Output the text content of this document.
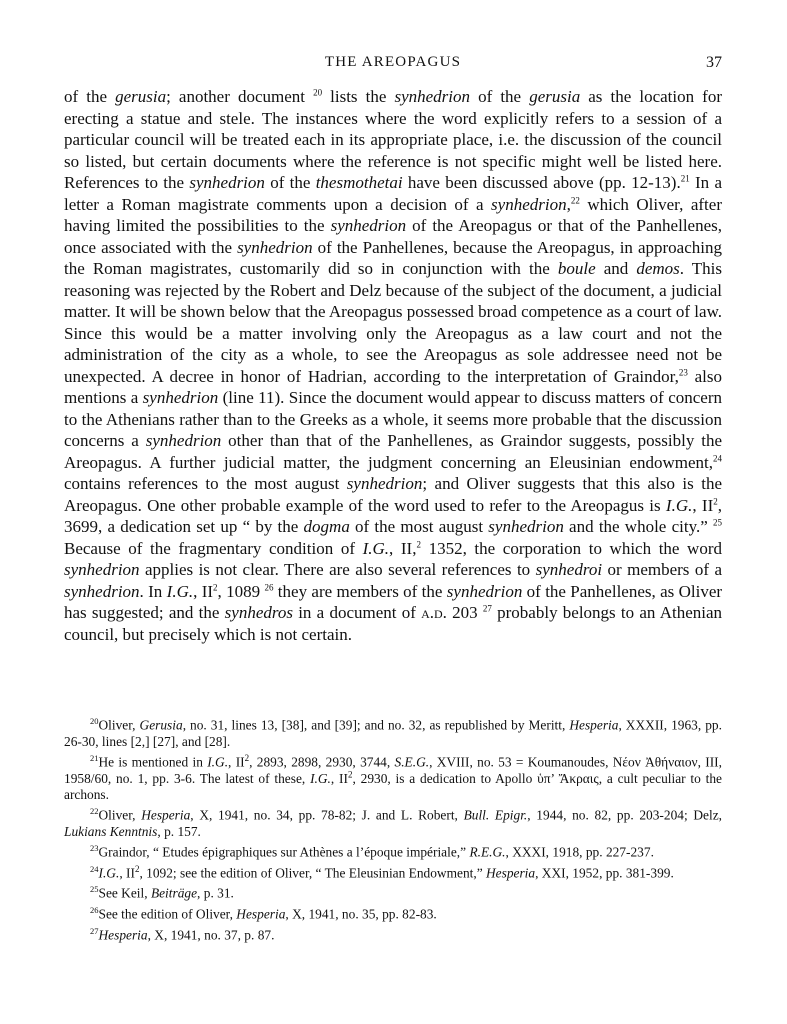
THE AREOPAGUS	37

of the gerusia; another document $^{20}$ lists the synhedrion of the gerusia as the location for erecting a statue and stele. The instances where the word explicitly refers to a session of a particular council will be treated each in its appropriate place, i.e. the discussion of the council so listed, but certain documents where the reference is not specific might well be listed here. References to the synhedrion of the thesmothetai have been discussed above (pp. 12-13).$^{21}$ In a letter a Roman magistrate comments upon a decision of a synhedrion,$^{22}$ which Oliver, after having limited the possibilities to the synhedrion of the Areopagus or that of the Panhellenes, once associated with the synhedrion of the Panhellenes, because the Areopagus, in approaching the Roman magistrates, customarily did so in conjunction with the boule and demos. This reasoning was rejected by the Robert and Delz because of the subject of the document, a judicial matter. It will be shown below that the Areopagus possessed broad competence as a court of law. Since this would be a matter involving only the Areopagus as a law court and not the administration of the city as a whole, to see the Areopagus as sole addressee need not be unexpected. A decree in honor of Hadrian, according to the interpretation of Graindor,$^{23}$ also mentions a synhedrion (line 11). Since the document would appear to discuss matters of concern to the Athenians rather than to the Greeks as a whole, it seems more probable that the discussion concerns a synhedrion other than that of the Panhellenes, as Graindor suggests, possibly the Areopagus. A further judicial matter, the judgment concerning an Eleusinian endowment,$^{24}$ contains references to the most august synhedrion; and Oliver suggests that this also is the Areopagus. One other probable example of the word used to refer to the Areopagus is I.G., $II^2$, 3699, a dedication set up “ by the dogma of the most august synhedrion and the whole city.” $^{25}$ Because of the fragmentary condition of I.G., II,$^2$ 1352, the corporation to which the word synhedrion applies is not clear. There are also several references to synhedroi or members of a synhedrion. In I.G., $II^2$, 1089 $^{26}$ they are members of the synhedrion of the Panhellenes, as Oliver has suggested; and the synhedros in a document of a.d. 203 $^{27}$ probably belongs to an Athenian council, but precisely which is not certain.

$^{20}$Oliver, Gerusia, no. 31, lines 13, [38], and [39]; and no. 32, as republished by Meritt, Hesperia, XXXII, 1963, pp. 26-30, lines [2,] [27], and [28].

$^{21}$He is mentioned in I.G., $II^2$, 2893, 2898, 2930, 3744, S.E.G., XVIII, no. 53 = Koumanoudes, Νέον Ἀθήναιον, III, 1958/60, no. 1, pp. 3-6. The latest of these, I.G., $II^2$, 2930, is a dedication to Apollo ὑπ’ Ἄκραις, a cult peculiar to the archons.

$^{22}$Oliver, Hesperia, X, 1941, no. 34, pp. 78-82; J. and L. Robert, Bull. Epigr., 1944, no. 82, pp. 203-204; Delz, Lukians Kenntnis, p. 157.

$^{23}$Graindor, “ Etudes épigraphiques sur Athènes a l’époque impériale,” R.E.G., XXXI, 1918, pp. 227-237.

$^{24}$I.G., $II^2$, 1092; see the edition of Oliver, “ The Eleusinian Endowment,” Hesperia, XXI, 1952, pp. 381-399.

$^{25}$See Keil, Beiträge, p. 31.

$^{26}$See the edition of Oliver, Hesperia, X, 1941, no. 35, pp. 82-83.

$^{27}$Hesperia, X, 1941, no. 37, p. 87.
